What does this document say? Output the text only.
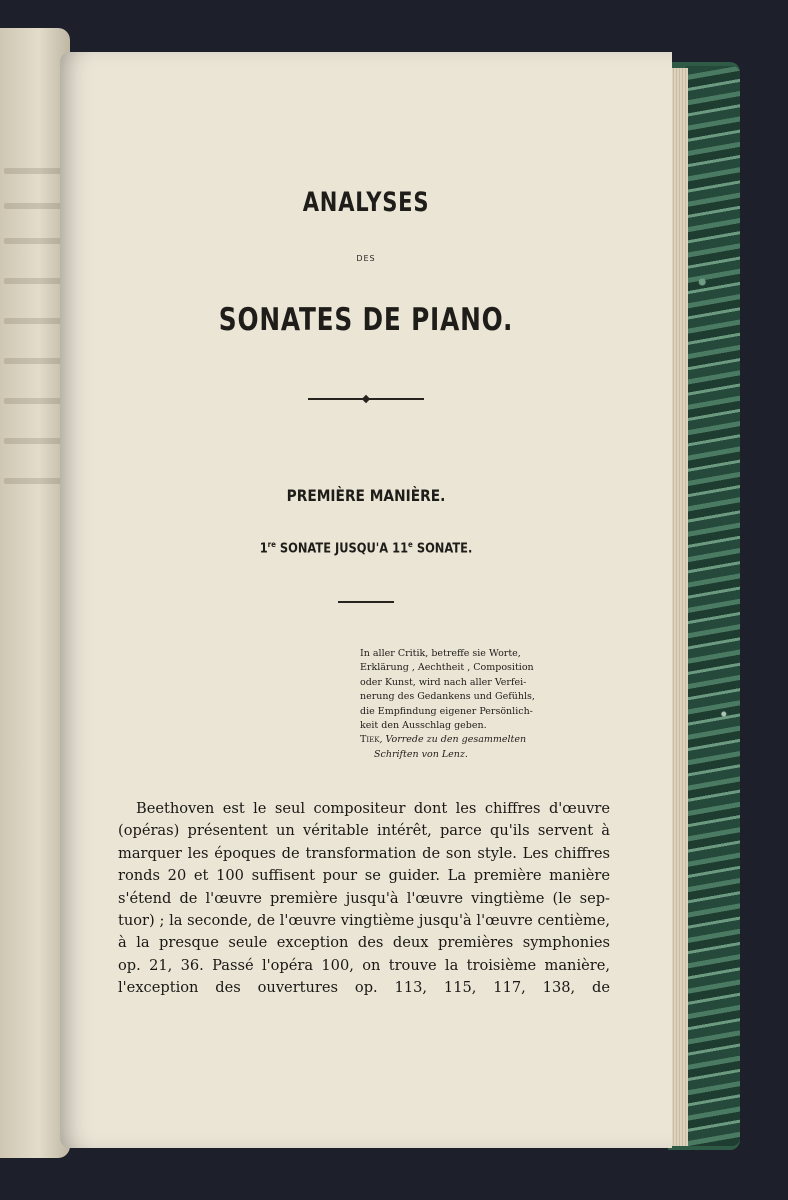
ANALYSES
DES
SONATES DE PIANO.
PREMIÈRE MANIÈRE.
1re SONATE JUSQU'A 11e SONATE.
In aller Critik, betreffe sie Worte,
Erklärung , Aechtheit , Composition
oder Kunst, wird nach aller Verfei-
nerung des Gedankens und Gefühls,
die Empfindung eigener Persönlich-
keit den Ausschlag geben.
Tiek, Vorrede zu den gesammelten
Schriften von Lenz.
Beethoven est le seul compositeur dont les chiffres d'œuvre
(opéras) présentent un véritable intérêt, parce qu'ils servent à
marquer les époques de transformation de son style. Les chiffres
ronds 20 et 100 suffisent pour se guider. La première manière
s'étend de l'œuvre première jusqu'à l'œuvre vingtième (le sep-
tuor) ; la seconde, de l'œuvre vingtième jusqu'à l'œuvre centième,
à la presque seule exception des deux premières symphonies
op. 21, 36. Passé l'opéra 100, on trouve la troisième manière,
l'exception des ouvertures op. 113, 115, 117, 138, de
